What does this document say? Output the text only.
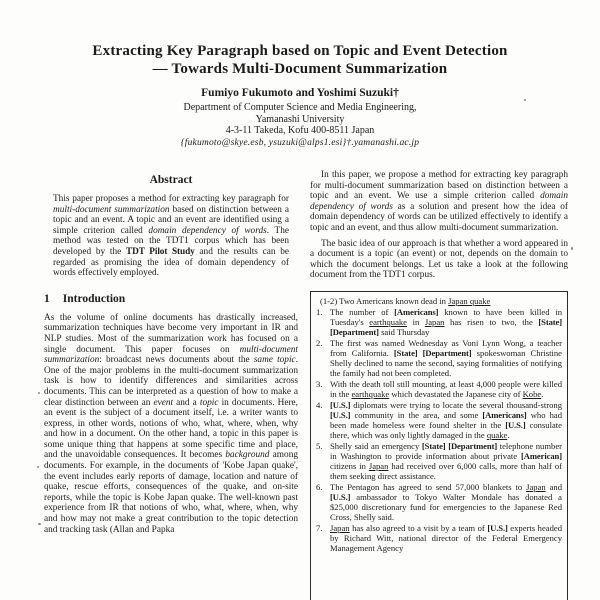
Extracting Key Paragraph based on Topic and Event Detection
— Towards Multi-Document Summarization
Fumiyo Fukumoto and Yoshimi Suzuki†
Department of Computer Science and Media Engineering,
Yamanashi University
4-3-11 Takeda, Kofu 400-8511 Japan
{fukumoto@skye.esb, ysuzuki@alps1.esi}†.yamanashi.ac.jp
Abstract

This paper proposes a method for extracting key paragraph for multi-document summarization based on distinction between a topic and an event. A topic and an event are identified using a simple criterion called domain dependency of words. The method was tested on the TDT1 corpus which has been developed by the TDT Pilot Study and the results can be regarded as promising the idea of domain dependency of words effectively employed.

1 Introduction

As the volume of online documents has drastically increased, summarization techniques have become very important in IR and NLP studies. Most of the summarization work has focused on a single document. This paper focuses on multi-document summarization: broadcast news documents about the same topic. One of the major problems in the multi-document summarization task is how to identify differences and similarities across documents. This can be interpreted as a question of how to make a clear distinction between an event and a topic in documents. Here, an event is the subject of a document itself, i.e. a writer wants to express, in other words, notions of who, what, where, when, why and how in a document. On the other hand, a topic in this paper is some unique thing that happens at some specific time and place, and the unavoidable consequences. It becomes background among documents. For example, in the documents of 'Kobe Japan quake', the event includes early reports of damage, location and nature of quake, rescue efforts, consequences of the quake, and on-site reports, while the topic is Kobe Japan quake. The well-known past experience from IR that notions of who, what, where, when, why and how may not make a great contribution to the topic detection and tracking task (Allan and Papka

In this paper, we propose a method for extracting key paragraph for multi-document summarization based on distinction between a topic and an event. We use a simple criterion called domain dependency of words as a solution and present how the idea of domain dependency of words can be utilized effectively to identify a topic and an event, and thus allow multi-document summarization.

The basic idea of our approach is that whether a word appeared in a document is a topic (an event) or not, depends on the domain to which the document belongs. Let us take a look at the following document from the TDT1 corpus.

(1-2) Two Americans known dead in Japan quake
1. The number of [Americans] known to have been killed in Tuesday's earthquake in Japan has risen to two, the [State] [Department] said Thursday
2. The first was named Wednesday as Voni Lynn Wong, a teacher from California. [State] [Department] spokeswoman Christine Shelly declined to name the second, saying formalities of notifying the family had not been completed.
3. With the death toll still mounting, at least 4,000 people were killed in the earthquake which devastated the Japanese city of Kobe.
4. [U.S.] diplomats were trying to locate the several thousand-strong [U.S.] community in the area, and some [Americans] who had been made homeless were found shelter in the [U.S.] consulate there, which was only lightly damaged in the quake.
5. Shelly said an emergency [State] [Department] telephone number in Washington to provide information about private [American] citizens in Japan had received over 6,000 calls, more than half of them seeking direct assistance.
6. The Pentagon has agreed to send 57,000 blankets to Japan and [U.S.] ambassador to Tokyo Walter Mondale has donated a $25,000 discretionary fund for emergencies to the Japanese Red Cross, Shelly said.
7. Japan has also agreed to a visit by a team of [U.S.] experts headed by Richard Witt, national director of the Federal Emergency Management Agency
